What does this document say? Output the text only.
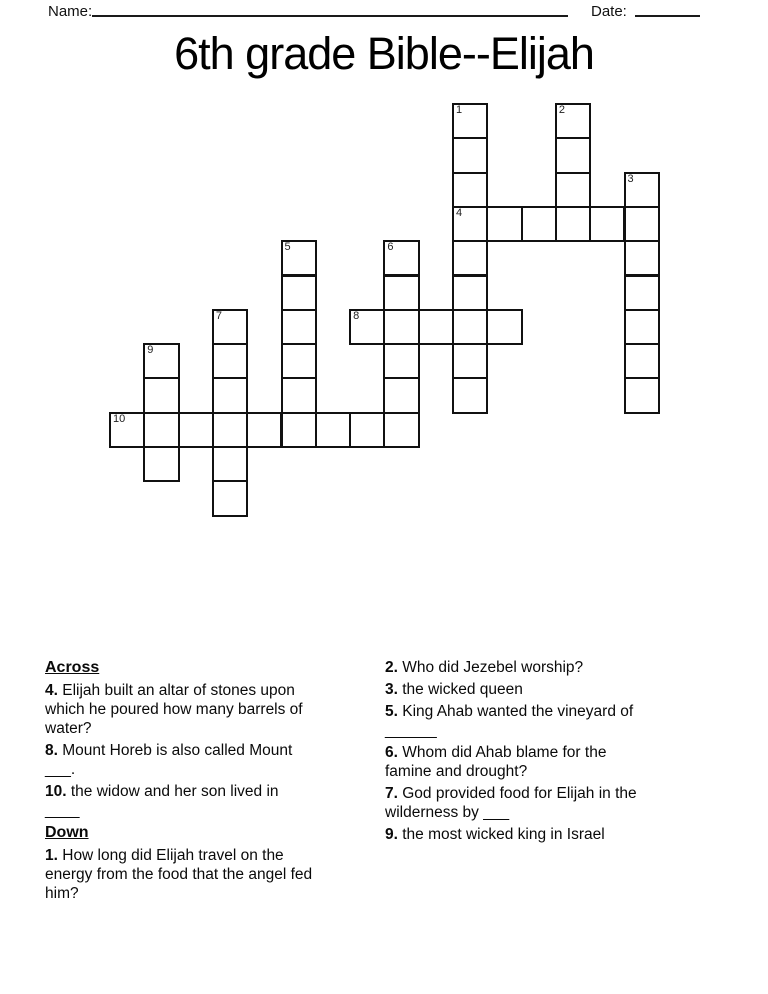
Name:	Date:
6th grade Bible--Elijah
1	2
3
4
5	6
7	8
9
10
Across
4. Elijah built an altar of stones upon
which he poured how many barrels of
water?
8. Mount Horeb is also called Mount
___.
10. the widow and her son lived in
____
Down
1. How long did Elijah travel on the
energy from the food that the angel fed
him?
2. Who did Jezebel worship?
3. the wicked queen
5. King Ahab wanted the vineyard of
______
6. Whom did Ahab blame for the
famine and drought?
7. God provided food for Elijah in the
wilderness by ___
9. the most wicked king in Israel
